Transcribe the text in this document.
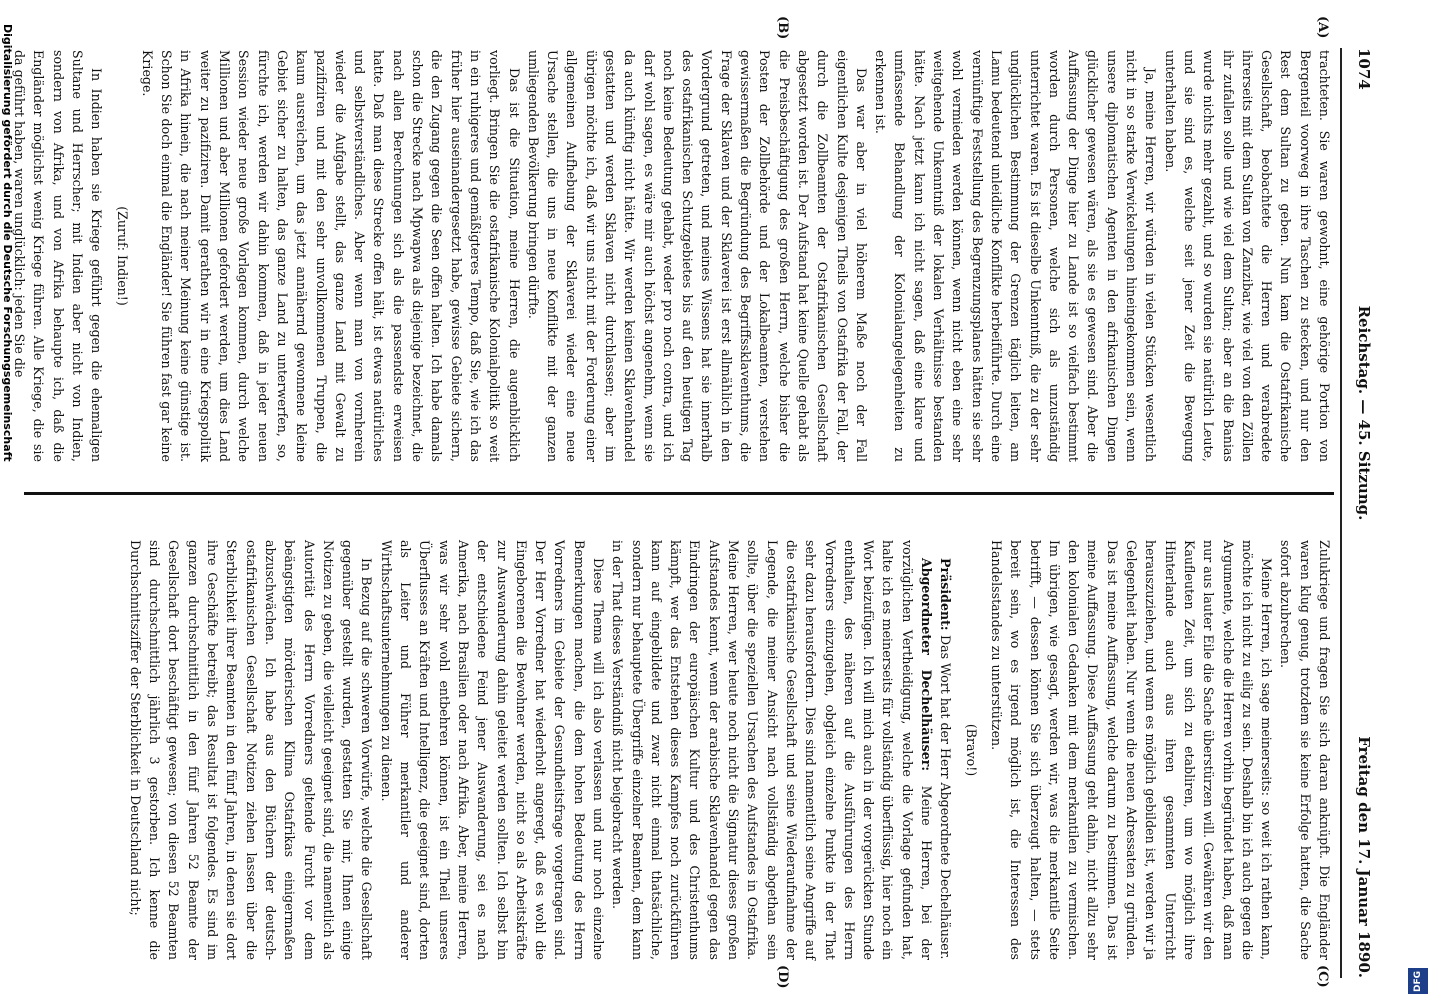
1074
Reichstag. — 45. Sitzung.
Freitag den 17. Januar 1890.
(A)
(B)
(C)
(D)

trachteten. Sie waren gewohnt, eine gehörige Portion von Bergenteil voorweg in ihre Taschen zu stecken, und nur den Rest dem Sultan zu geben. Nun kam die Ostafrikanische Gesellschaft, beobachtete die Herren und verabredete ihrerseits mit dem Sultan von Zanzibar, wie viel von den Zöllen ihr zufallen solle und wie viel dem Sultan; aber an die Banias wurde nichts mehr gezahlt, und so wurden sie natürlich Leute, und sie sind es, welche seit jener Zeit die Bewegung unterhalten haben.

Ja, meine Herren, wir würden in vielen Stücken wesentlich nicht in so starke Verwickelungen hineingekommen sein, wenn unsere diplomatischen Agenten in den afrikanischen Dingen glücklicher gewesen wären, als sie es gewesen sind. Aber die Auffassung der Dinge hier zu Lande ist so vielfach bestimmt worden durch Personen, welche sich als unzuständig unterrichtet waren. Es ist dieselbe Unkenntniß, die zu der sehr unglücklichen Bestimmung der Grenzen täglich leiten, am Lamu bedeutend unleidliche Konflikte herbeiführte. Durch eine vernünftige Feststellung des Begrenzungsplanes hätten sie sehr wohl vermieden werden können, wenn nicht eben eine sehr weitgehende Unkenntniß der lokalen Verhältnisse bestanden hätte. Nach jetzt kann ich nicht sagen, daß eine klare und umfassende Behandlung der Kolonialangelegenheiten zu erkennen ist.

Das war aber in viel höherem Maße noch der Fall eigentlichen Kulte desjenigen Theils von Ostafrika der Fall, der durch die Zollbeamten der Ostafrikanischen Gesellschaft abgesetzt worden ist. Der Aufstand hat keine Quelle gehabt als die Preisbeschäftigung des großen Herrn, welche bisher die Posten der Zollbehörde und der Lokalbeamten, verstehen gewissermaßen die Begründung des Begriffssklaventhums, die Frage der Sklaven und der Sklaverei ist erst allmählich in den Vordergrund getreten, und meines Wissens hat sie innerhalb des ostafrikanischen Schutzgebietes bis auf den heutigen Tag noch keine Bedeutung gehabt, weder pro noch contra, und ich darf wohl sagen, es wäre mir auch höchst angenehm, wenn sie da auch künftig nicht hätte. Wir werden keinen Sklavenhandel gestatten und werden Sklaven nicht durchlassen; aber im übrigen möchte ich, daß wir uns nicht mit der Forderung einer allgemeinen Aufhebung der Sklaverei wieder eine neue Ursache stellen, die uns in neue Konflikte mit der ganzen umliegenden Bevölkerung bringen dürfte.

Das ist die Situation, meine Herren, die augenblicklich vorliegt. Bringen Sie die ostafrikanische Kolonialpolitik so weit in ein ruhigeres und gemäßigteres Tempo, daß Sie, wie ich das früher hier auseinandergesetzt habe, gewisse Gebiete sichern, die den Zugang gegen die Seen offen halten. Ich habe damals schon die Strecke nach Mpwapwa als diejenige bezeichnet, die nach allen Berechnungen sich als die passendste erweisen hatte. Daß man diese Strecke offen hält, ist etwas natürliches und selbstverständliches. Aber wenn man von vornherein wieder die Aufgabe stellt, das ganze Land mit Gewalt zu pazifiziren und mit den sehr unvollkommenen Truppen, die kaum ausreichen, um das jetzt annähernd gewonnene kleine Gebiet sicher zu halten, das ganze Land zu unterwerfen, so, fürchte ich, werden wir dahin kommen, daß in jeder neuen Session wieder neue große Vorlagen kommen, durch welche Millionen und aber Millionen gefordert werden, um dies Land weiter zu pazifiziren. Damit gerathen wir in eine Kriegspolitik in Afrika hinein, die nach meiner Meinung keine günstige ist. Schon Sie doch einmal die Engländer! Sie führen fast gar keine Kriege.

(Zuruf: Indien!)

In Indien haben sie Kriege geführt gegen die ehemaligen Sultane und Herrscher; mit Indien aber nicht von Indien, sondern von Afrika, und von Afrika behaupte ich, daß die Engländer möglichst wenig Kriege führen. Alle Kriege, die sie da geführt haben, waren unglücklich: jeden Sie die

Zulukriege und fragen Sie sich daran anknüpft. Die Engländer waren klug genug, trotzdem sie keine Erfolge hatten, die Sache sofort abzubrechen.

Meine Herren, ich sage meinerseits: so weit ich rathen kann, möchte ich nicht zu eilig zu sein. Deshalb bin ich auch gegen die Argumente, welche die Herren vorhin begründet haben, daß man nur aus lauter Eile die Sache überstürzen will. Gewähren wir den Kaufleuten Zeit, um sich zu etabliren, um wo möglich ihre Hinterlande auch aus ihren gesammten Unterricht herauszuziehen, und wenn es möglich gebilden ist, werden wir ja Gelegenheit haben. Nur wenn die neuen Adressaten zu gründen. Das ist meine Auffassung, welche darum zu bestimmen. Das ist meine Auffassung. Diese Auffassung geht dahin, nicht allzu sehr den kolonialen Gedanken mit dem merkantilen zu vermischen. Im übrigen, wie gesagt, werden wir, was die merkantile Seite betrifft, — dessen können Sie sich überzeugt halten, — stets bereit sein, wo es irgend möglich ist, die Interessen des Handelsstandes zu unterstützen.

(Bravo!)

Präsident: Das Wort hat der Herr Abgeordnete Dechelhäuser.

Abgeordneter Dechelhäuser: Meine Herren, bei der vorzüglichen Vertheidigung, welche die Vorlage gefunden hat, halte ich es meinerseits für vollständig überflüssig, hier noch ein Wort beizufügen. Ich will mich auch in der vorgerückten Stunde enthalten, des näheren auf die Ausführungen des Herrn Vorredners einzugehen, obgleich einzelne Punkte in der That sehr dazu herausfordern. Dies sind namentlich seine Angriffe auf die ostafrikanische Gesellschaft und seine Wiederaufnahme der Legende, die meiner Ansicht nach vollständig abgethan sein sollte, über die speziellen Ursachen des Aufstandes in Ostafrika. Meine Herren, wer heute noch nicht die Signatur dieses großen Aufstandes kennt, wenn der arabische Sklavenhandel gegen das Eindringen der europäischen Kultur und des Christenthums kämpft, wer das Entstehen dieses Kampfes noch zurückführen kann auf eingebildete und zwar nicht einmal thatsächliche, sondern nur behauptete Übergriffe einzelner Beamten, dem kann in der That dieses Verständniß nicht beigebracht werden.

Diese Thema will ich also verlassen und nur noch einzelne Bemerkungen machen, die dem hohen Bedeutung des Herrn Vorredners im Gebiete der Gesundheitsfrage vorgetragen sind. Der Herr Vorredner hat wiederholt angeregt, daß es wohl die Eingeborenen die Bewohner werden, nicht so als Arbeitskräfte zur Auswanderung dahin geleitet werden sollten. Ich selbst bin der entschiedene Feind jener Auswanderung, sei es nach Amerika, nach Brasilien oder nach Afrika. Aber, meine Herren, was wir sehr wohl entbehren können, ist ein Theil unseres Überflusses an Kräften und Intelligenz, die geeignet sind, dorten als Leiter und Führer merkantiler und anderer Wirthschaftsunternehmungen zu dienen.

In Bezug auf die schweren Vorwürfe, welche die Gesellschaft gegenüber gestellt wurden, gestatten Sie mir, Ihnen einige Notizen zu geben, die vielleicht geeignet sind, die namentlich als Autorität des Herrn Vorredners geltende Furcht vor dem beängstigten mörderischen Klima Ostafrikas einigermaßen abzuschwächen. Ich habe aus den Büchern der deutsch-ostafrikanischen Gesellschaft Notizen ziehen lassen über die Sterblichkeit ihrer Beamten in den fünf Jahren, in denen sie dort ihre Geschäfte betreibt; das Resultat ist folgendes. Es sind im ganzen durchschnittlich in den fünf Jahren 52 Beamte der Gesellschaft dort beschäftigt gewesen; von diesen 52 Beamten sind durchschnittlich jährlich 3 gestorben. Ich kenne die Durchschnittsziffer der Sterblichkeit in Deutschland nicht;

Digitalisierung gefördert durch die Deutsche Forschungsgemeinschaft
DFG
